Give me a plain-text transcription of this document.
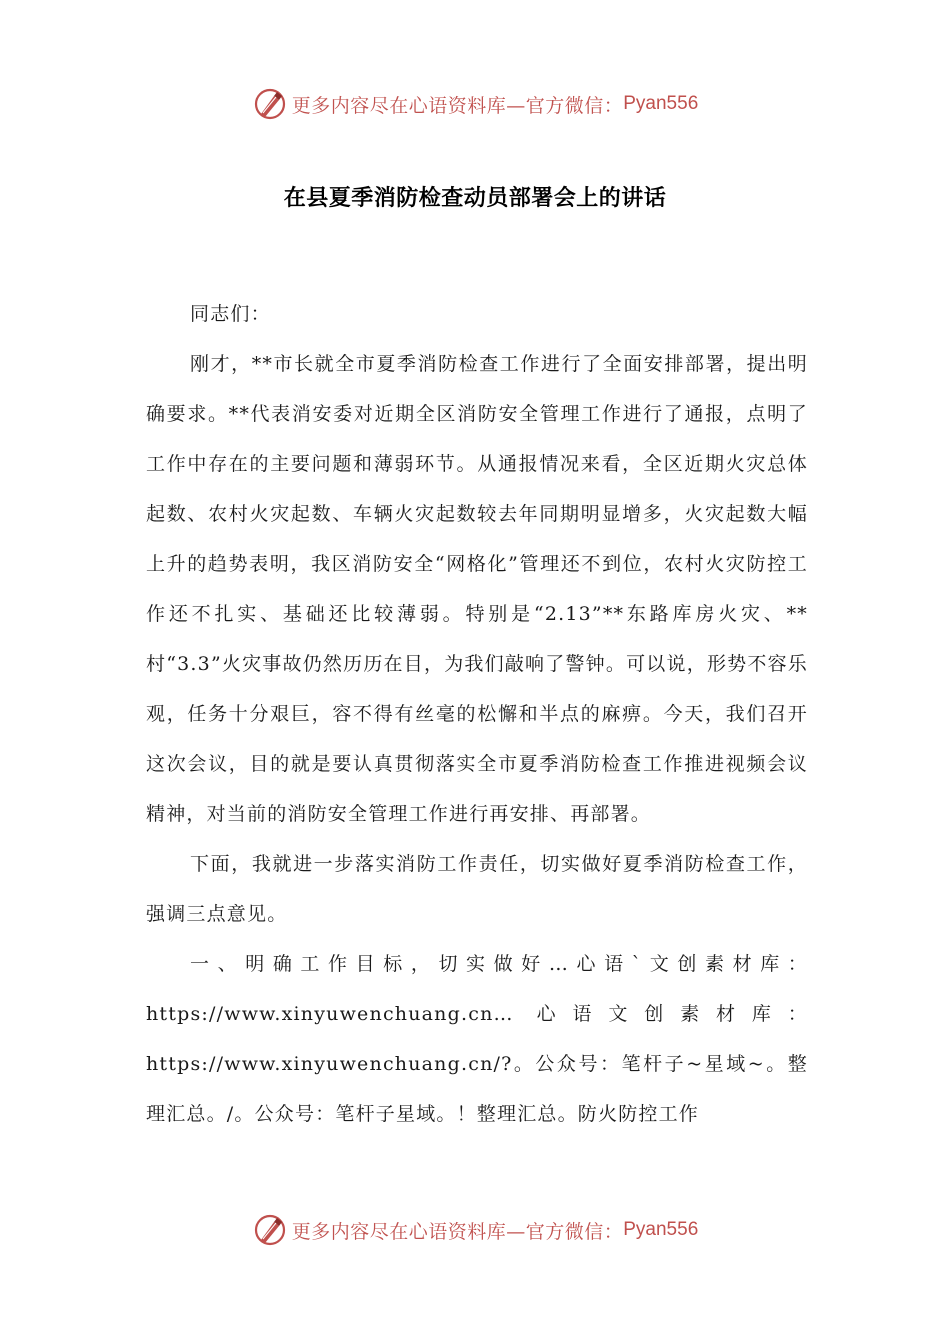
更多内容尽在心语资料库—官方微信： Pyan556
在县夏季消防检查动员部署会上的讲话

同志们：

刚才，**市长就全市夏季消防检查工作进行了全面安排部署，提出明确要求。**代表消安委对近期全区消防安全管理工作进行了通报，点明了工作中存在的主要问题和薄弱环节。从通报情况来看，全区近期火灾总体起数、农村火灾起数、车辆火灾起数较去年同期明显增多，火灾起数大幅上升的趋势表明，我区消防安全“网格化”管理还不到位，农村火灾防控工作还不扎实、基础还比较薄弱。特别是“2.13”**东路库房火灾、**村“3.3”火灾事故仍然历历在目，为我们敲响了警钟。可以说，形势不容乐观，任务十分艰巨，容不得有丝毫的松懈和半点的麻痹。今天，我们召开这次会议，目的就是要认真贯彻落实全市夏季消防检查工作推进视频会议精神，对当前的消防安全管理工作进行再安排、再部署。

下面，我就进一步落实消防工作责任，切实做好夏季消防检查工作，强调三点意见。

一、明确工作目标，切实做好…心语`文创素材库：https://www.xinyuwenchuang.cn… 心语文创素材库：https://www.xinyuwenchuang.cn/?。公众号：笔杆子~星域~。整理汇总。/。公众号：笔杆子星域。！整理汇总。防火防控工作

更多内容尽在心语资料库—官方微信： Pyan556
